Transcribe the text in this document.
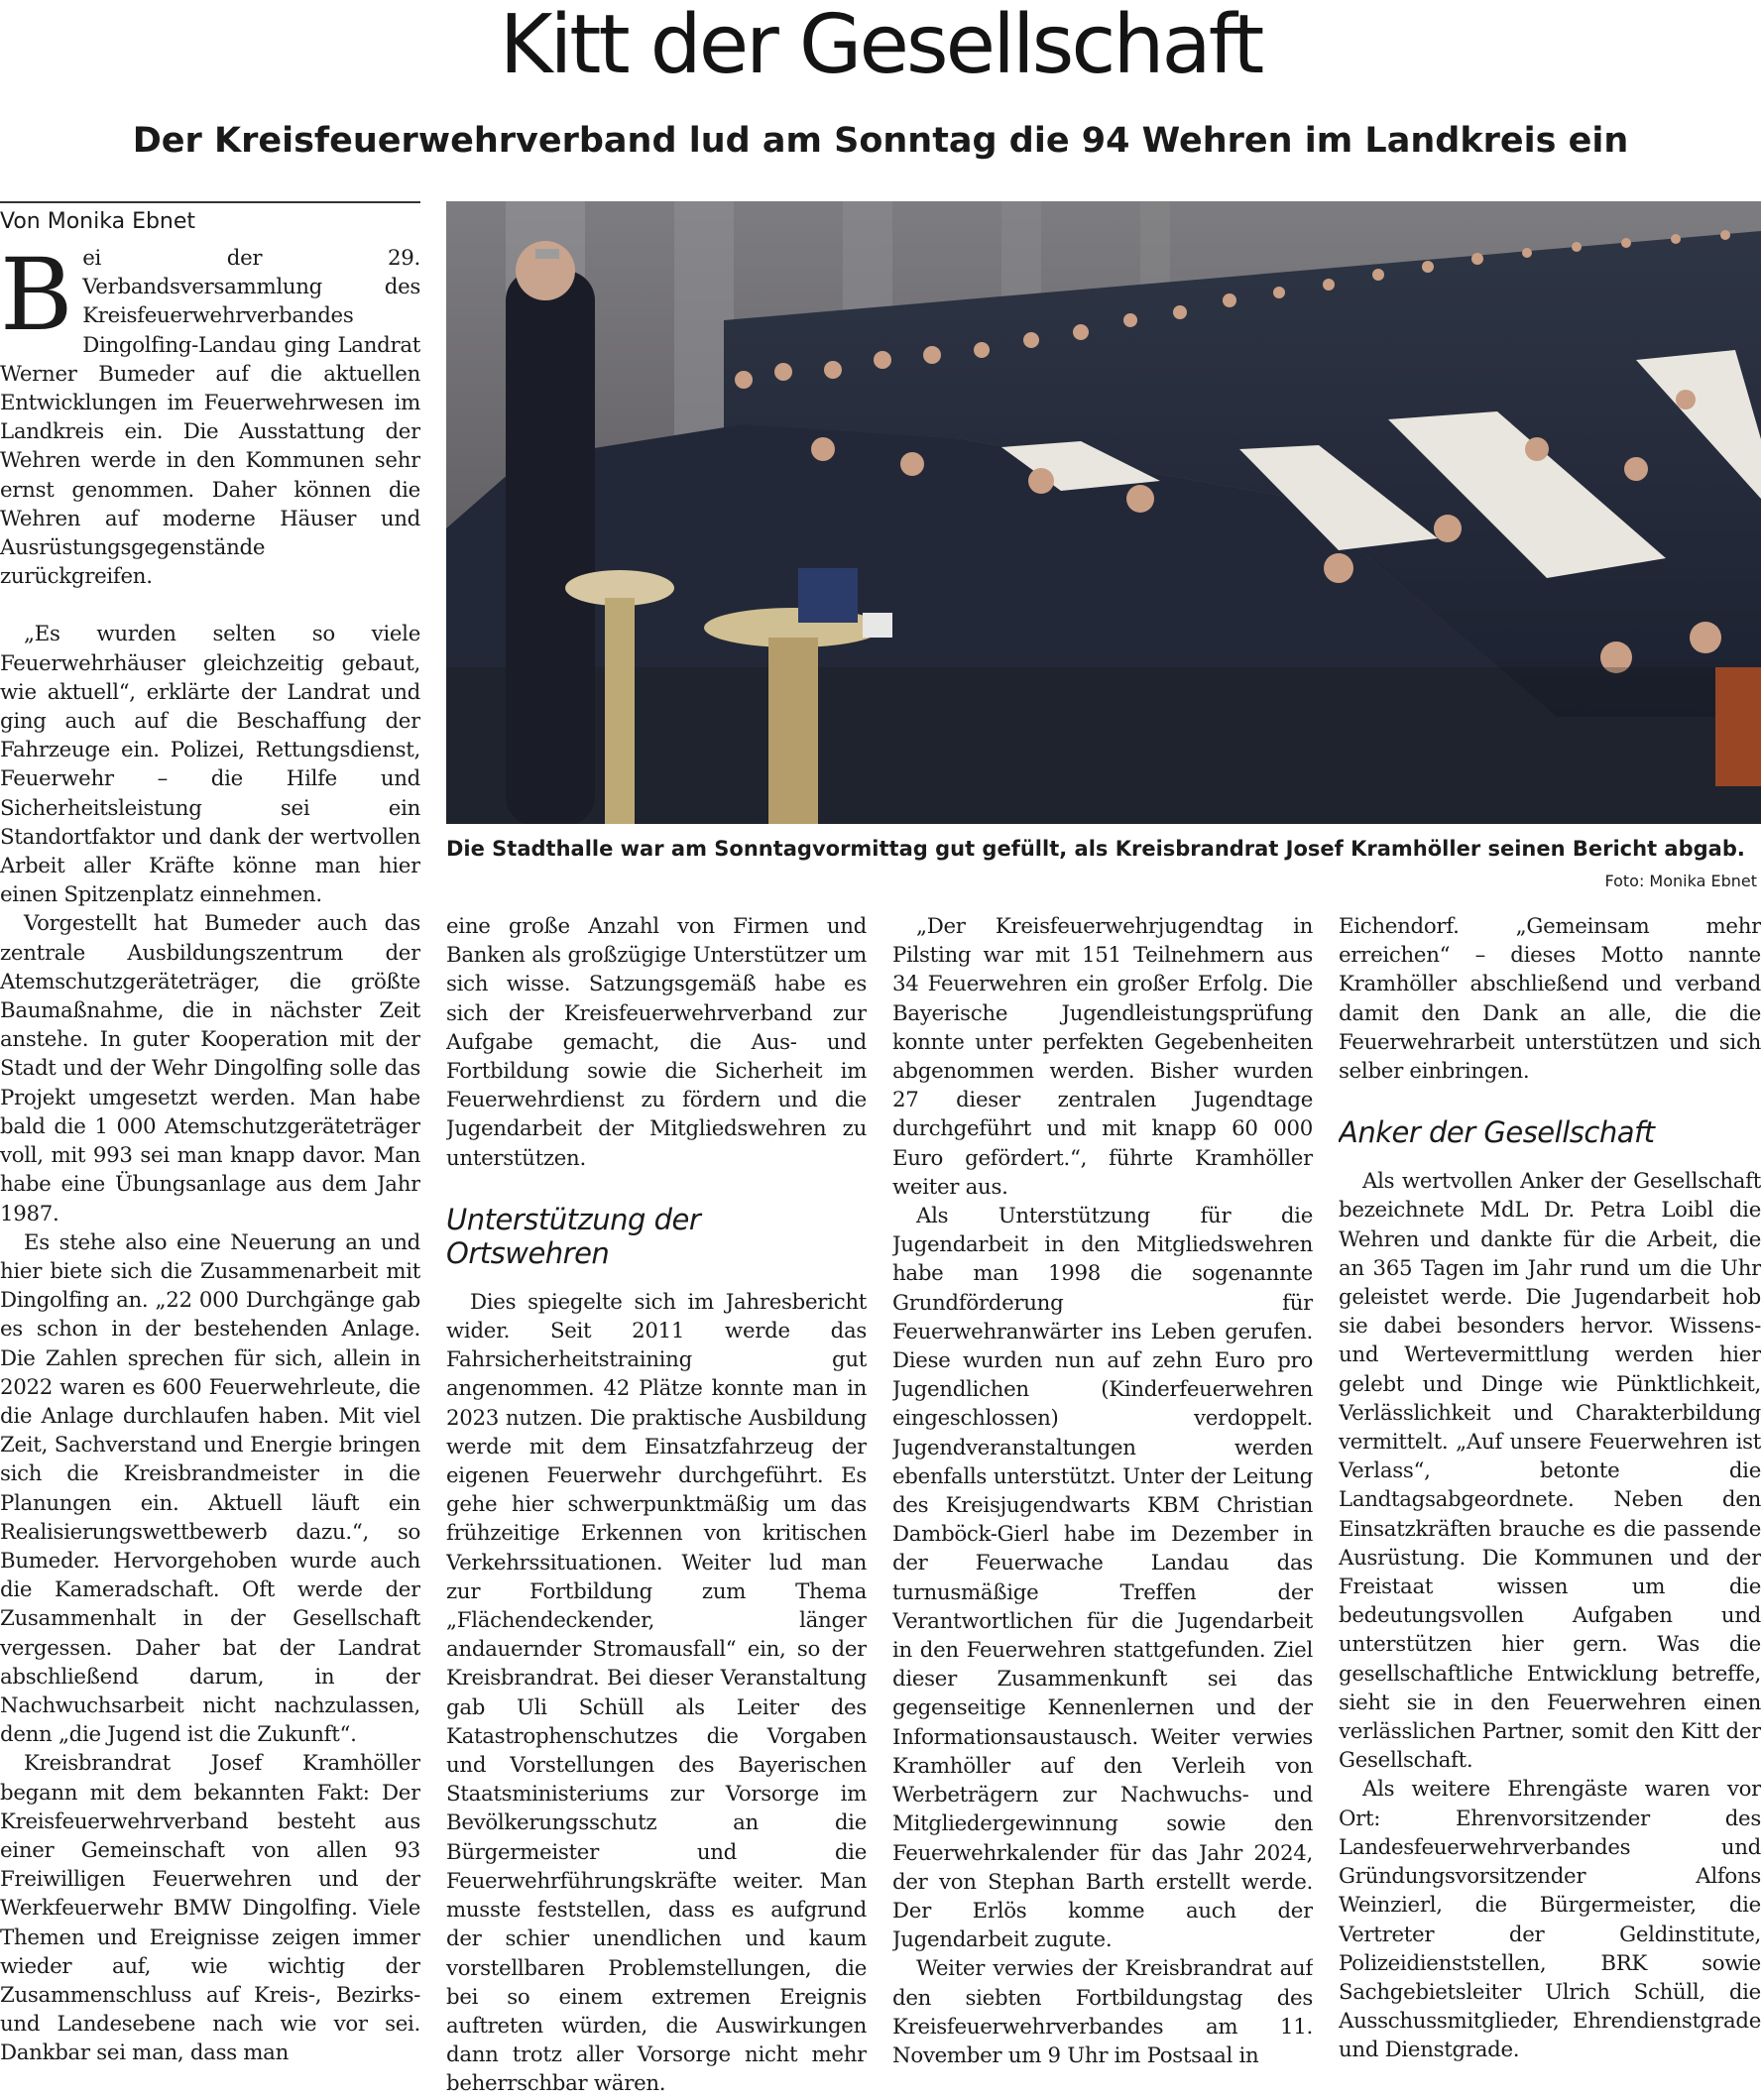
Kitt der Gesellschaft
Der Kreisfeuerwehrverband lud am Sonntag die 94 Wehren im Landkreis ein
Von Monika Ebnet
Die Stadthalle war am Sonntagvormittag gut gefüllt, als Kreisbrandrat Josef Kramhöller seinen Bericht abgab.
Foto: Monika Ebnet

Bei der 29. Verbandsversammlung des Kreisfeuerwehrverbandes Dingolfing-Landau ging Landrat Werner Bumeder auf die aktuellen Entwicklungen im Feuerwehrwesen im Landkreis ein. Die Ausstattung der Wehren werde in den Kommunen sehr ernst genommen. Daher können die Wehren auf moderne Häuser und Ausrüstungsgegenstände zurückgreifen.

„Es wurden selten so viele Feuerwehrhäuser gleichzeitig gebaut, wie aktuell“, erklärte der Landrat und ging auch auf die Beschaffung der Fahrzeuge ein. Polizei, Rettungsdienst, Feuerwehr – die Hilfe und Sicherheitsleistung sei ein Standortfaktor und dank der wertvollen Arbeit aller Kräfte könne man hier einen Spitzenplatz einnehmen.

Vorgestellt hat Bumeder auch das zentrale Ausbildungszentrum der Atemschutzgeräteträger, die größte Baumaßnahme, die in nächster Zeit anstehe. In guter Kooperation mit der Stadt und der Wehr Dingolfing solle das Projekt umgesetzt werden. Man habe bald die 1 000 Atemschutzgeräteträger voll, mit 993 sei man knapp davor. Man habe eine Übungsanlage aus dem Jahr 1987.

Es stehe also eine Neuerung an und hier biete sich die Zusammenarbeit mit Dingolfing an. „22 000 Durchgänge gab es schon in der bestehenden Anlage. Die Zahlen sprechen für sich, allein in 2022 waren es 600 Feuerwehrleute, die die Anlage durchlaufen haben. Mit viel Zeit, Sachverstand und Energie bringen sich die Kreisbrandmeister in die Planungen ein. Aktuell läuft ein Realisierungswettbewerb dazu.“, so Bumeder. Hervorgehoben wurde auch die Kameradschaft. Oft werde der Zusammenhalt in der Gesellschaft vergessen. Daher bat der Landrat abschließend darum, in der Nachwuchsarbeit nicht nachzulassen, denn „die Jugend ist die Zukunft“.

Kreisbrandrat Josef Kramhöller begann mit dem bekannten Fakt: Der Kreisfeuerwehrverband besteht aus einer Gemeinschaft von allen 93 Freiwilligen Feuerwehren und der Werkfeuerwehr BMW Dingolfing. Viele Themen und Ereignisse zeigen immer wieder auf, wie wichtig der Zusammenschluss auf Kreis-, Bezirks- und Landesebene nach wie vor sei. Dankbar sei man, dass man

eine große Anzahl von Firmen und Banken als großzügige Unterstützer um sich wisse. Satzungsgemäß habe es sich der Kreisfeuerwehrverband zur Aufgabe gemacht, die Aus- und Fortbildung sowie die Sicherheit im Feuerwehrdienst zu fördern und die Jugendarbeit der Mitgliedswehren zu unterstützen.

Unterstützung der Ortswehren

Dies spiegelte sich im Jahresbericht wider. Seit 2011 werde das Fahrsicherheitstraining gut angenommen. 42 Plätze konnte man in 2023 nutzen. Die praktische Ausbildung werde mit dem Einsatzfahrzeug der eigenen Feuerwehr durchgeführt. Es gehe hier schwerpunktmäßig um das frühzeitige Erkennen von kritischen Verkehrssituationen. Weiter lud man zur Fortbildung zum Thema „Flächendeckender, länger andauernder Stromausfall“ ein, so der Kreisbrandrat. Bei dieser Veranstaltung gab Uli Schüll als Leiter des Katastrophenschutzes die Vorgaben und Vorstellungen des Bayerischen Staatsministeriums zur Vorsorge im Bevölkerungsschutz an die Bürgermeister und die Feuerwehrführungskräfte weiter. Man musste feststellen, dass es aufgrund der schier unendlichen und kaum vorstellbaren Problemstellungen, die bei so einem extremen Ereignis auftreten würden, die Auswirkungen dann trotz aller Vorsorge nicht mehr beherrschbar wären.

„Der Kreisfeuerwehrjugendtag in Pilsting war mit 151 Teilnehmern aus 34 Feuerwehren ein großer Erfolg. Die Bayerische Jugendleistungsprüfung konnte unter perfekten Gegebenheiten abgenommen werden. Bisher wurden 27 dieser zentralen Jugendtage durchgeführt und mit knapp 60 000 Euro gefördert.“, führte Kramhöller weiter aus.

Als Unterstützung für die Jugendarbeit in den Mitgliedswehren habe man 1998 die sogenannte Grundförderung für Feuerwehranwärter ins Leben gerufen. Diese wurden nun auf zehn Euro pro Jugendlichen (Kinderfeuerwehren eingeschlossen) verdoppelt. Jugendveranstaltungen werden ebenfalls unterstützt. Unter der Leitung des Kreisjugendwarts KBM Christian Damböck-Gierl habe im Dezember in der Feuerwache Landau das turnusmäßige Treffen der Verantwortlichen für die Jugendarbeit in den Feuerwehren stattgefunden. Ziel dieser Zusammenkunft sei das gegenseitige Kennenlernen und der Informationsaustausch. Weiter verwies Kramhöller auf den Verleih von Werbeträgern zur Nachwuchs- und Mitgliedergewinnung sowie den Feuerwehrkalender für das Jahr 2024, der von Stephan Barth erstellt werde. Der Erlös komme auch der Jugendarbeit zugute.

Weiter verwies der Kreisbrandrat auf den siebten Fortbildungstag des Kreisfeuerwehrverbandes am 11. November um 9 Uhr im Postsaal in

Eichendorf. „Gemeinsam mehr erreichen“ – dieses Motto nannte Kramhöller abschließend und verband damit den Dank an alle, die die Feuerwehrarbeit unterstützen und sich selber einbringen.

Anker der Gesellschaft

Als wertvollen Anker der Gesellschaft bezeichnete MdL Dr. Petra Loibl die Wehren und dankte für die Arbeit, die an 365 Tagen im Jahr rund um die Uhr geleistet werde. Die Jugendarbeit hob sie dabei besonders hervor. Wissens- und Wertevermittlung werden hier gelebt und Dinge wie Pünktlichkeit, Verlässlichkeit und Charakterbildung vermittelt. „Auf unsere Feuerwehren ist Verlass“, betonte die Landtagsabgeordnete. Neben den Einsatzkräften brauche es die passende Ausrüstung. Die Kommunen und der Freistaat wissen um die bedeutungsvollen Aufgaben und unterstützen hier gern. Was die gesellschaftliche Entwicklung betreffe, sieht sie in den Feuerwehren einen verlässlichen Partner, somit den Kitt der Gesellschaft.

Als weitere Ehrengäste waren vor Ort: Ehrenvorsitzender des Landesfeuerwehrverbandes und Gründungsvorsitzender Alfons Weinzierl, die Bürgermeister, die Vertreter der Geldinstitute, Polizeidienststellen, BRK sowie Sachgebietsleiter Ulrich Schüll, die Ausschussmitglieder, Ehrendienstgrade und Dienstgrade.
